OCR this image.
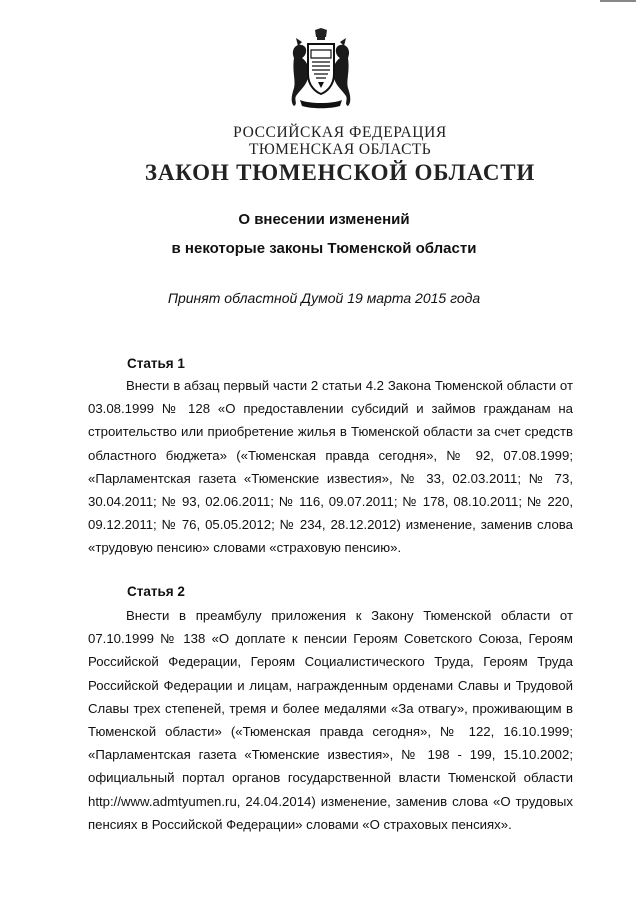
РОССИЙСКАЯ ФЕДЕРАЦИЯ
ТЮМЕНСКАЯ ОБЛАСТЬ
ЗАКОН ТЮМЕНСКОЙ ОБЛАСТИ
О внесении изменений
в некоторые законы Тюменской области
Принят областной Думой 19 марта 2015 года
Статья 1

Внести в абзац первый части 2 статьи 4.2 Закона Тюменской области от 03.08.1999 № 128 «О предоставлении субсидий и займов гражданам на строительство или приобретение жилья в Тюменской области за счет средств областного бюджета» («Тюменская правда сегодня», № 92, 07.08.1999; «Парламентская газета «Тюменские известия», № 33, 02.03.2011; № 73, 30.04.2011; № 93, 02.06.2011; № 116, 09.07.2011; № 178, 08.10.2011; № 220, 09.12.2011; № 76, 05.05.2012; № 234, 28.12.2012) изменение, заменив слова «трудовую пенсию» словами «страховую пенсию».

Статья 2

Внести в преамбулу приложения к Закону Тюменской области от 07.10.1999 № 138 «О доплате к пенсии Героям Советского Союза, Героям Российской Федерации, Героям Социалистического Труда, Героям Труда Российской Федерации и лицам, награжденным орденами Славы и Трудовой Славы трех степеней, тремя и более медалями «За отвагу», проживающим в Тюменской области» («Тюменская правда сегодня», № 122, 16.10.1999; «Парламентская газета «Тюменские известия», № 198 - 199, 15.10.2002; официальный портал органов государственной власти Тюменской области http://www.admtyumen.ru, 24.04.2014) изменение, заменив слова «О трудовых пенсиях в Российской Федерации» словами «О страховых пенсиях».
